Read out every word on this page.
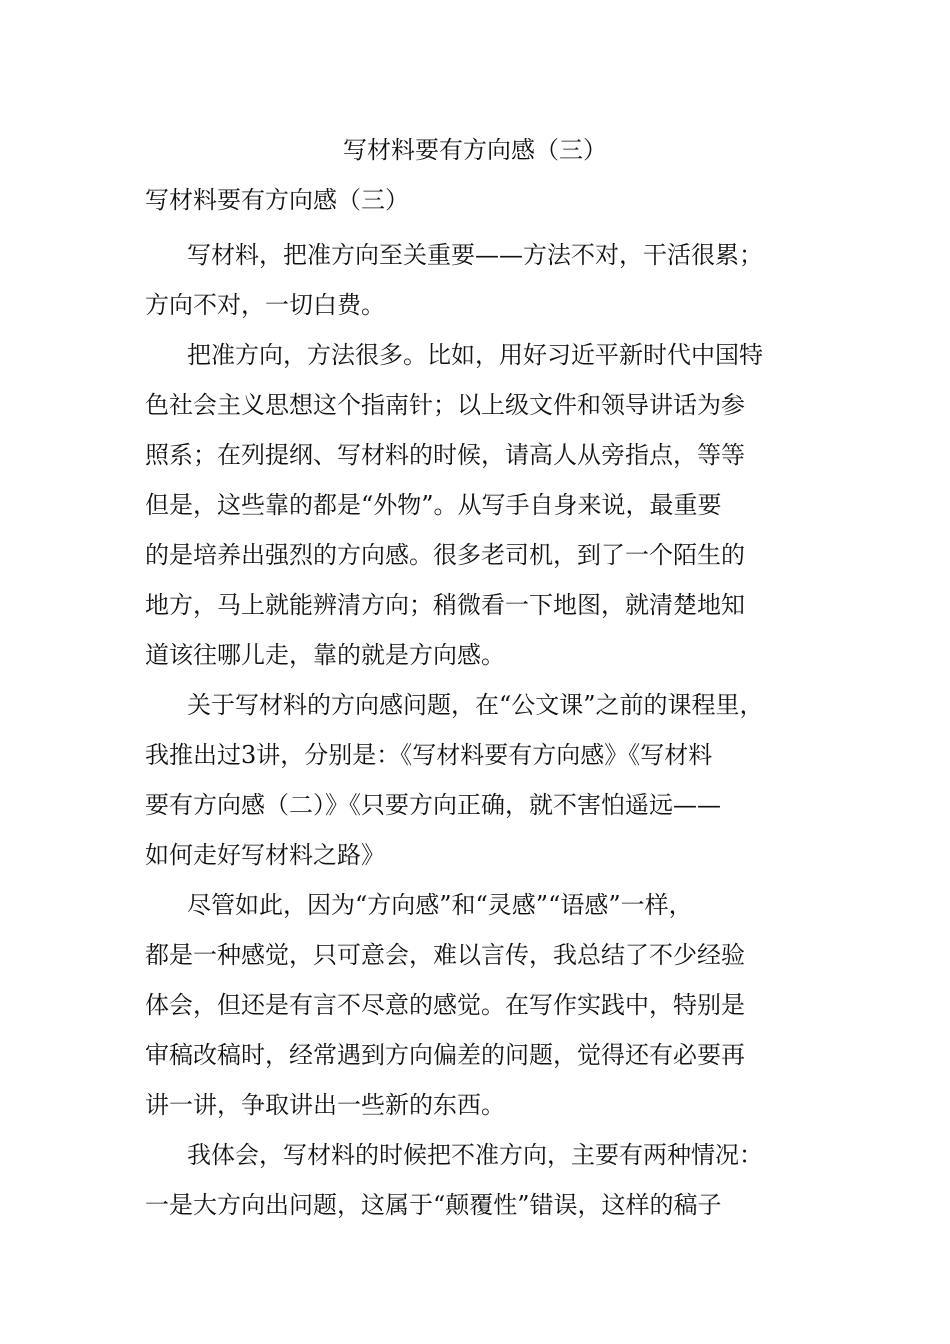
写材料要有方向感（三）

写材料要有方向感（三）

写材料，把准方向至关重要——方法不对，干活很累；
方向不对，一切白费。

把准方向，方法很多。比如，用好习近平新时代中国特
色社会主义思想这个指南针；以上级文件和领导讲话为参
照系；在列提纲、写材料的时候，请高人从旁指点，等等
但是，这些靠的都是“外物”。从写手自身来说，最重要
的是培养出强烈的方向感。很多老司机，到了一个陌生的
地方，马上就能辨清方向；稍微看一下地图，就清楚地知
道该往哪儿走，靠的就是方向感。

关于写材料的方向感问题，在“公文课”之前的课程里，
我推出过3讲，分别是：《写材料要有方向感》《写材料
要有方向感（二）》《只要方向正确，就不害怕遥远——
如何走好写材料之路》

尽管如此，因为“方向感”和“灵感”“语感”一样，
都是一种感觉，只可意会，难以言传，我总结了不少经验
体会，但还是有言不尽意的感觉。在写作实践中，特别是
审稿改稿时，经常遇到方向偏差的问题，觉得还有必要再
讲一讲，争取讲出一些新的东西。

我体会，写材料的时候把不准方向，主要有两种情况：
一是大方向出问题，这属于“颠覆性”错误，这样的稿子
